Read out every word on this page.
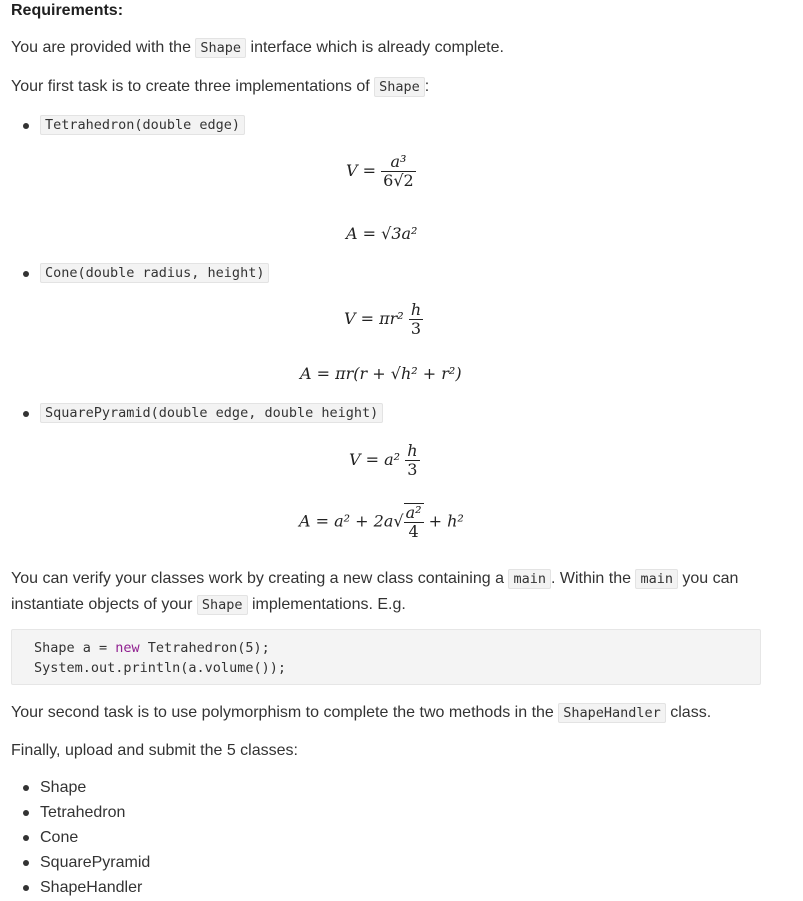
Requirements:
You are provided with the Shape interface which is already complete.
Your first task is to create three implementations of Shape :
Tetrahedron(double edge)
$V = \frac{\text{a³}}{6√2}$
A = √3a²
Cone(double radius, height)
$V = \pi r^2 \frac{h}{3}$
A = πr(r + √h² + r²)
SquarePyramid(double edge, double height)
$V = a^2 \frac{h}{3}$
$A = a^2 + 2a√ \frac{\text{a²}}{4} + h^2$
You can verify your classes work by creating a new class containing a main . Within the main you can
instantiate objects of your Shape implementations. E.g.
Shape a = new Tetrahedron(5);
System.out.println(a.volume());
Your second task is to use polymorphism to complete the two methods in the ShapeHandler class.
Finally, upload and submit the 5 classes:
Shape
Tetrahedron
Cone
SquarePyramid
ShapeHandler
